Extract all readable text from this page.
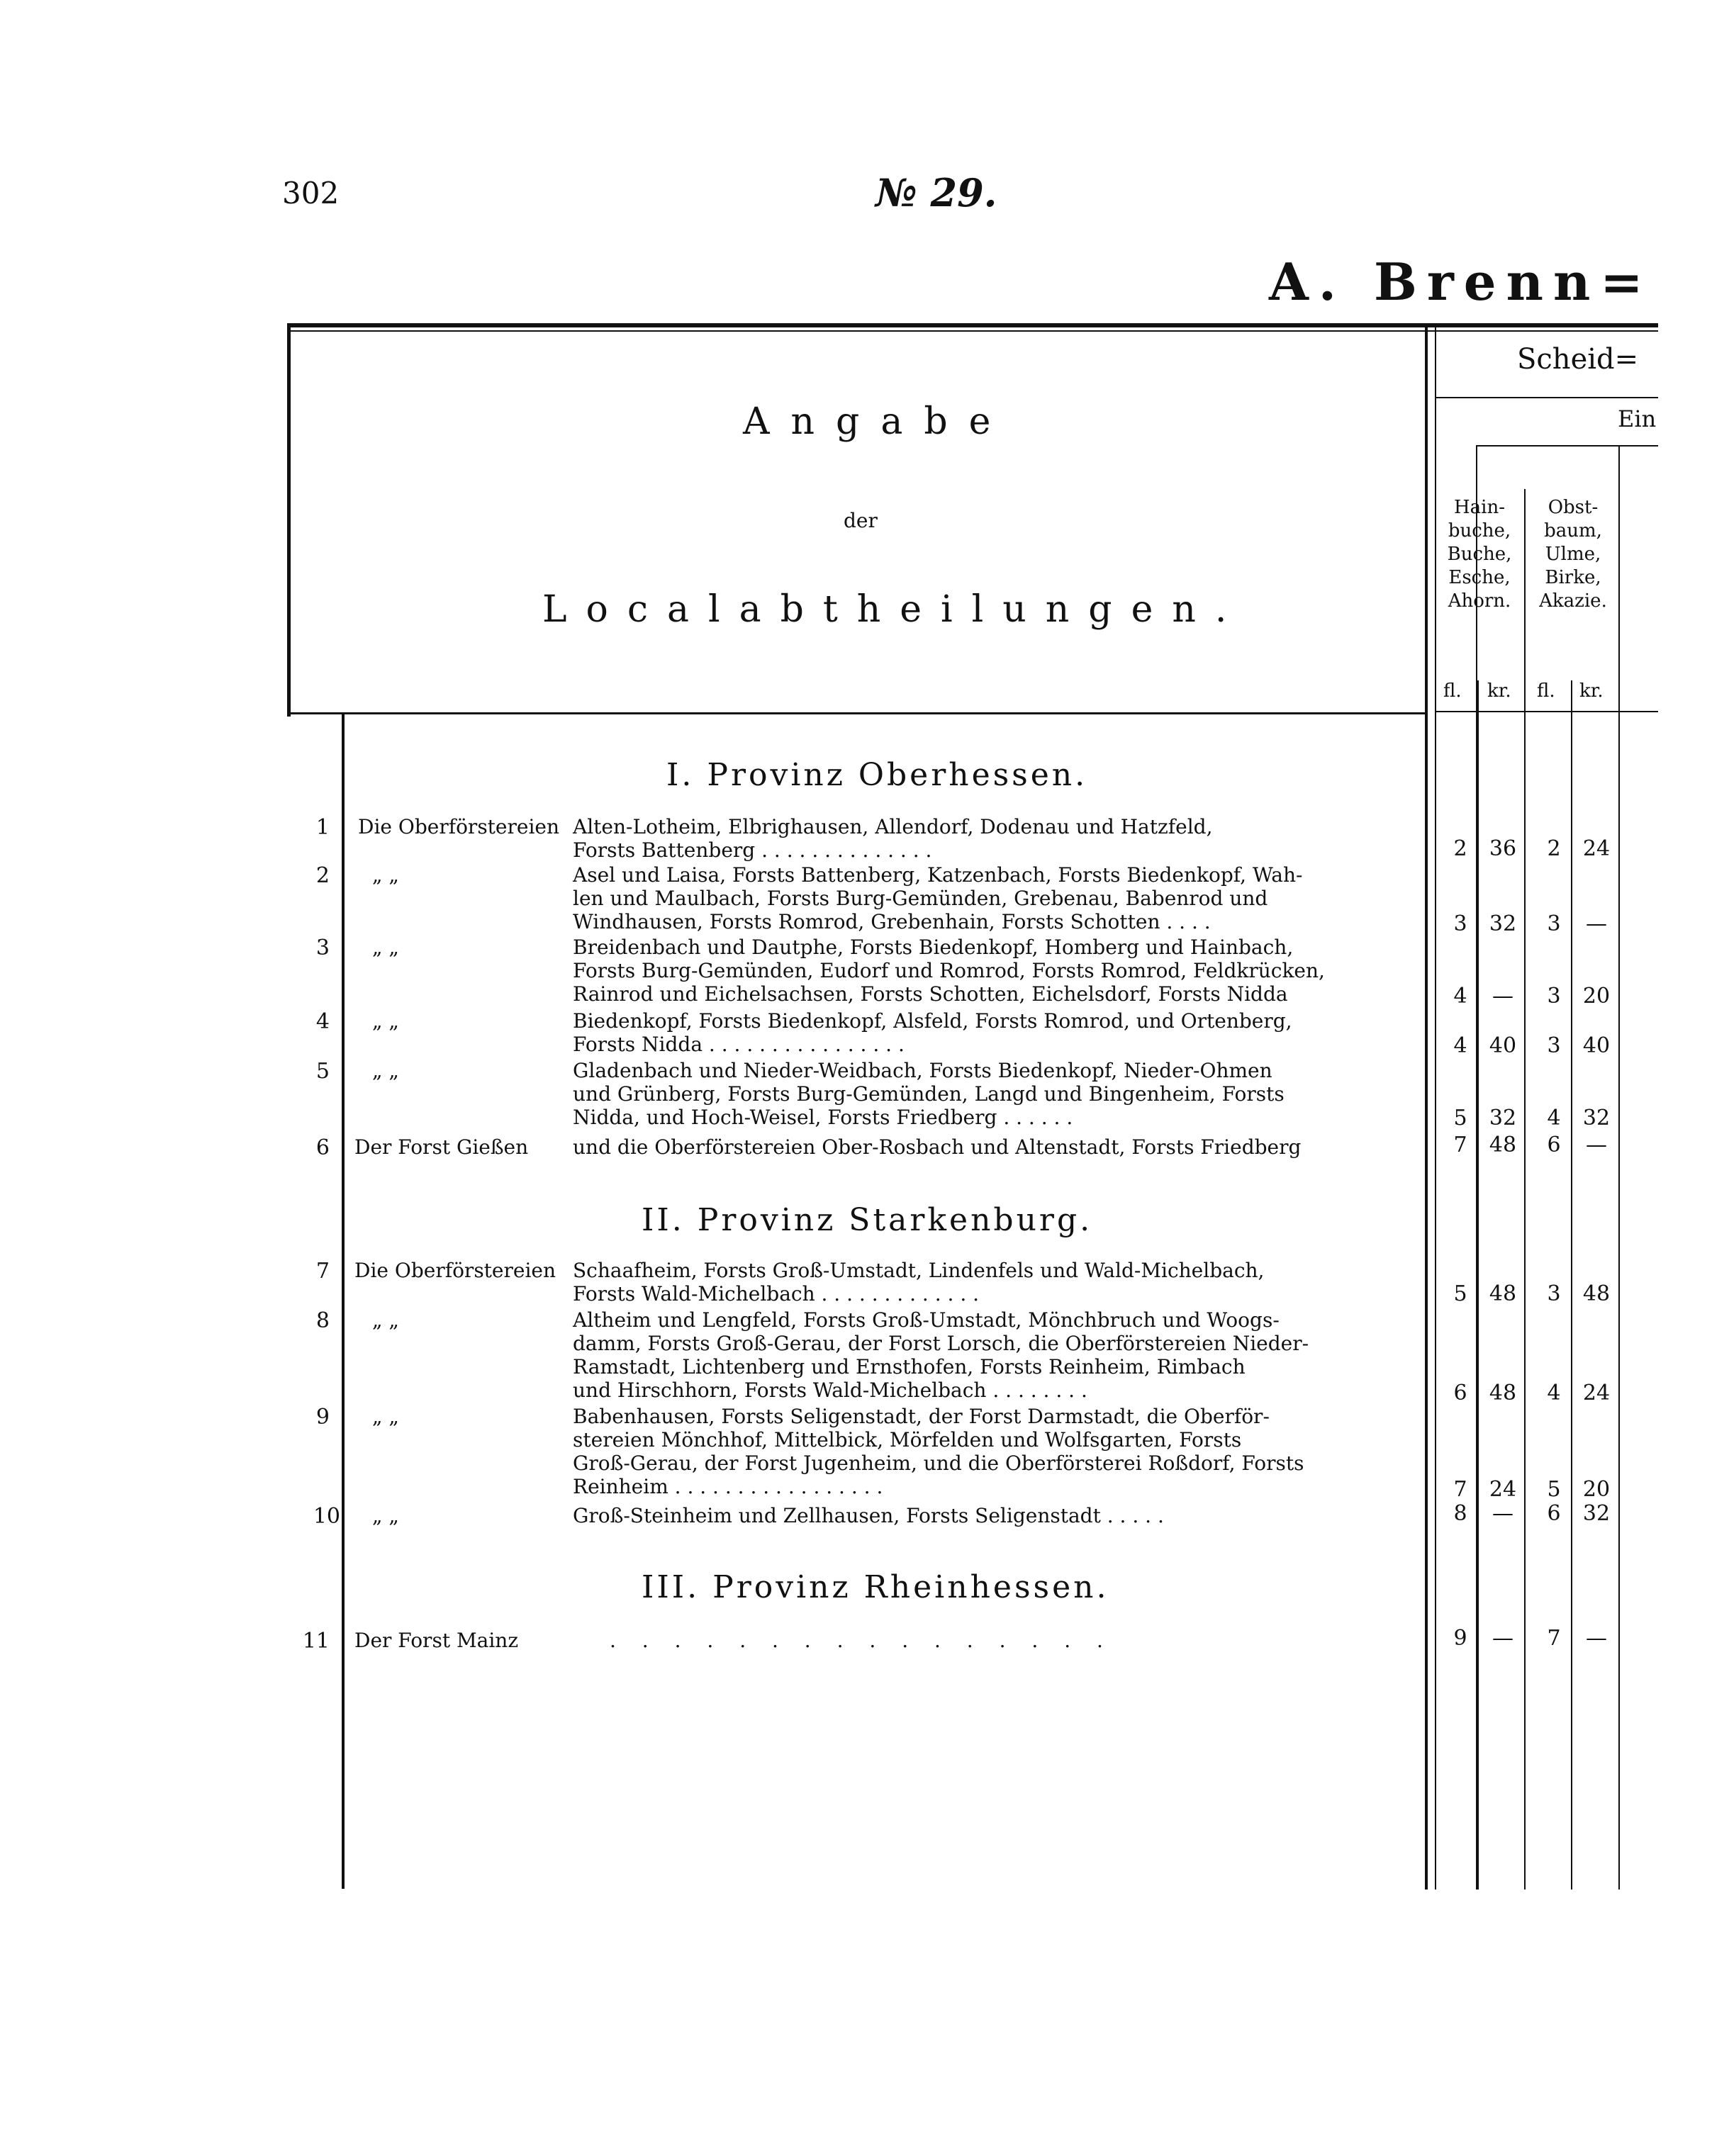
302	№ 29.
A. Brenn=
Angabe
der
Localabtheilungen.
Scheid=
Ein
Hain-
buche,
Buche,
Esche,
Ahorn.
Obst-
baum,
Ulme,
Birke,
Akazie.
fl. kr. fl. kr.
I. Provinz Oberhessen.
1 Die Oberförstereien Alten-Lotheim, Elbrighausen, Allendorf, Dodenau und Hatzfeld,
Forsts Battenberg . . . . . . . . . . . . . .	2	36	2	24
2 „ „	Asel und Laisa, Forsts Battenberg, Katzenbach, Forsts Biedenkopf, Wah-
len und Maulbach, Forsts Burg-Gemünden, Grebenau, Babenrod und
Windhausen, Forsts Romrod, Grebenhain, Forsts Schotten . . . .	3	32	3	—
3 „ „	Breidenbach und Dautphe, Forsts Biedenkopf, Homberg und Hainbach,
Forsts Burg-Gemünden, Eudorf und Romrod, Forsts Romrod, Feldkrücken,
Rainrod und Eichelsachsen, Forsts Schotten, Eichelsdorf, Forsts Nidda	4	—	3	20
4 „ „	Biedenkopf, Forsts Biedenkopf, Alsfeld, Forsts Romrod, und Ortenberg,
Forsts Nidda . . . . . . . . . . . . . . . .	4	40	3	40
5 „ „	Gladenbach und Nieder-Weidbach, Forsts Biedenkopf, Nieder-Ohmen
und Grünberg, Forsts Burg-Gemünden, Langd und Bingenheim, Forsts
Nidda, und Hoch-Weisel, Forsts Friedberg . . . . . .	5	32	4	32
6 Der Forst Gießen und die Oberförstereien Ober-Rosbach und Altenstadt, Forsts Friedberg	7	48	6	—
II. Provinz Starkenburg.
7 Die Oberförstereien Schaafheim, Forsts Groß-Umstadt, Lindenfels und Wald-Michelbach,
Forsts Wald-Michelbach . . . . . . . . . . . . .	5	48	3	48
8 „ „	Altheim und Lengfeld, Forsts Groß-Umstadt, Mönchbruch und Woogs-
damm, Forsts Groß-Gerau, der Forst Lorsch, die Oberförstereien Nieder-
Ramstadt, Lichtenberg und Ernsthofen, Forsts Reinheim, Rimbach
und Hirschhorn, Forsts Wald-Michelbach . . . . . . . .	6	48	4	24
9 „ „	Babenhausen, Forsts Seligenstadt, der Forst Darmstadt, die Oberför-
stereien Mönchhof, Mittelbick, Mörfelden und Wolfsgarten, Forsts
Groß-Gerau, der Forst Jugenheim, und die Oberförsterei Roßdorf, Forsts
Reinheim . . . . . . . . . . . . . . . . .	7	24	5	20
10 „ „	Groß-Steinheim und Zellhausen, Forsts Seligenstadt . . . . .	8	—	6	32
III. Provinz Rheinhessen.
11 Der Forst Mainz	. . . . . . . . . . . . . . . .	9	—	7	—
